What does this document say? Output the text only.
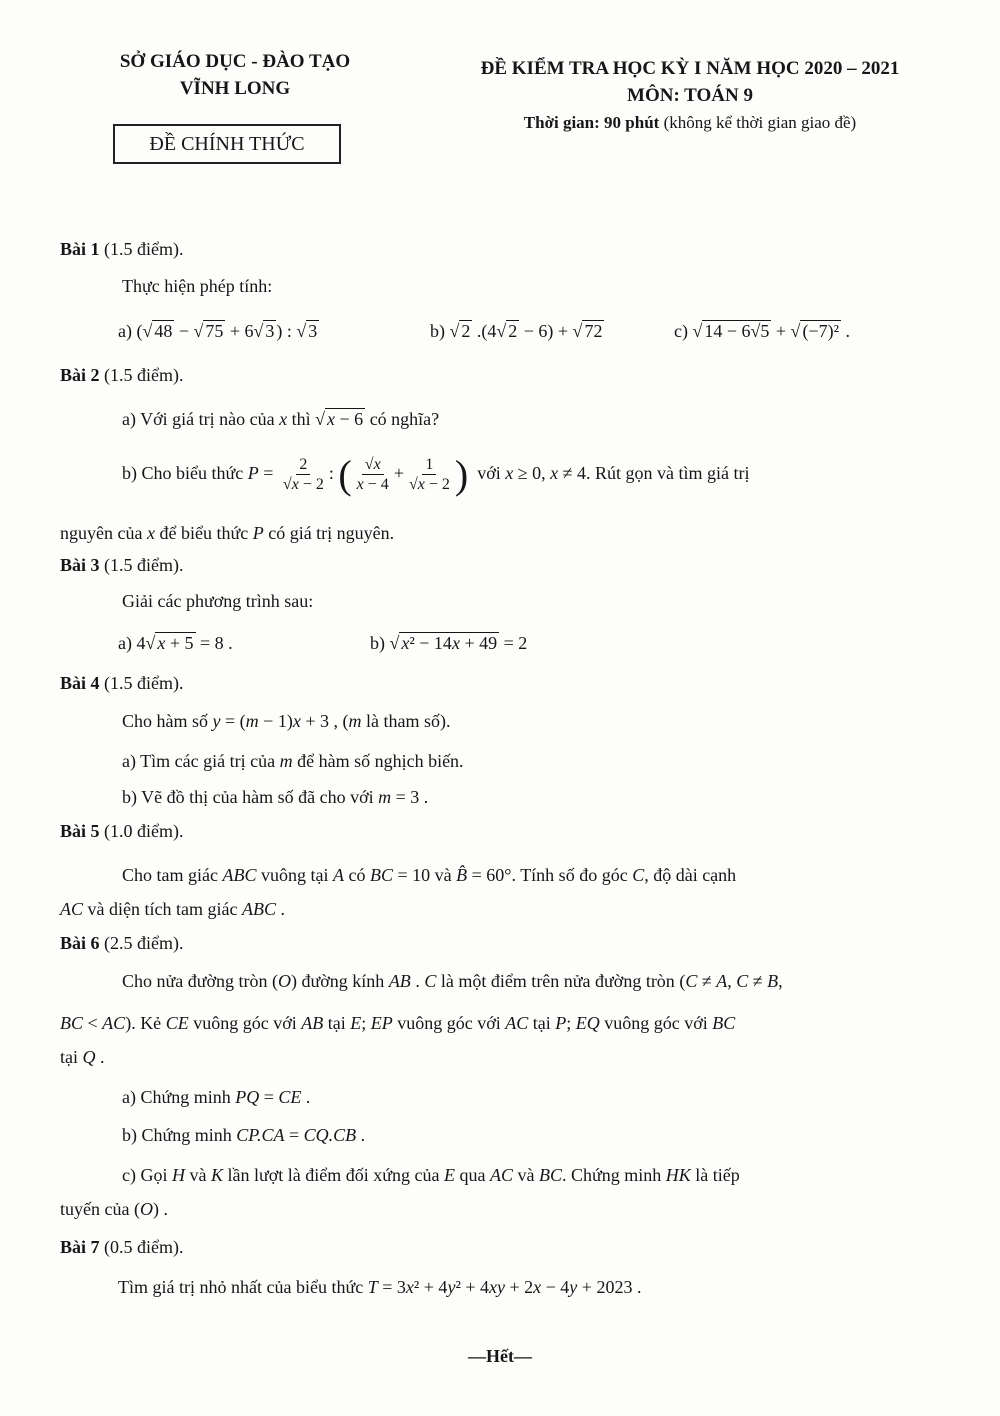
SỞ GIÁO DỤC - ĐÀO TẠO
VĨNH LONG
ĐỀ CHÍNH THỨC
ĐỀ KIỂM TRA HỌC KỲ I NĂM HỌC 2020 – 2021
MÔN: TOÁN 9
Thời gian: 90 phút (không kể thời gian giao đề)
Bài 1 (1.5 điểm).
Thực hiện phép tính:
a) (√ 48 − √ 75 + 6√ 3 ) : √ 3	b) √ 2 .(4√ 2 − 6) + √ 72	c) √ 14 − 6√5 + √ (−7)² .
Bài 2 (1.5 điểm).
a) Với giá trị nào của x thì √ x − 6 có nghĩa?
b) Cho biểu thức $P = \frac{2}{√x - 2}$ : ( $\frac{√x}{x - 4} + \frac{1}{√x - 2}$ ) với x ≥ 0, x ≠ 4. Rút gọn và tìm giá trị
nguyên của x để biểu thức P có giá trị nguyên.
Bài 3 (1.5 điểm).
Giải các phương trình sau:
a) 4√ x + 5 = 8 .	b) √ x² − 14x + 49 = 2
Bài 4 (1.5 điểm).
Cho hàm số y = (m − 1)x + 3 , (m là tham số).
a) Tìm các giá trị của m để hàm số nghịch biến.
b) Vẽ đồ thị của hàm số đã cho với m = 3 .
Bài 5 (1.0 điểm).
Cho tam giác ABC vuông tại A có BC = 10 và B̂ = 60°. Tính số đo góc C, độ dài cạnh
AC và diện tích tam giác ABC .
Bài 6 (2.5 điểm).
Cho nửa đường tròn (O) đường kính AB . C là một điểm trên nửa đường tròn (C ≠ A, C ≠ B,
BC < AC). Kẻ CE vuông góc với AB tại E; EP vuông góc với AC tại P; EQ vuông góc với BC
tại Q .
a) Chứng minh PQ = CE .
b) Chứng minh CP.CA = CQ.CB .
c) Gọi H và K lần lượt là điểm đối xứng của E qua AC và BC. Chứng minh HK là tiếp
tuyến của (O) .
Bài 7 (0.5 điểm).
Tìm giá trị nhỏ nhất của biểu thức T = 3x² + 4y² + 4xy + 2x − 4y + 2023 .
—Hết—
